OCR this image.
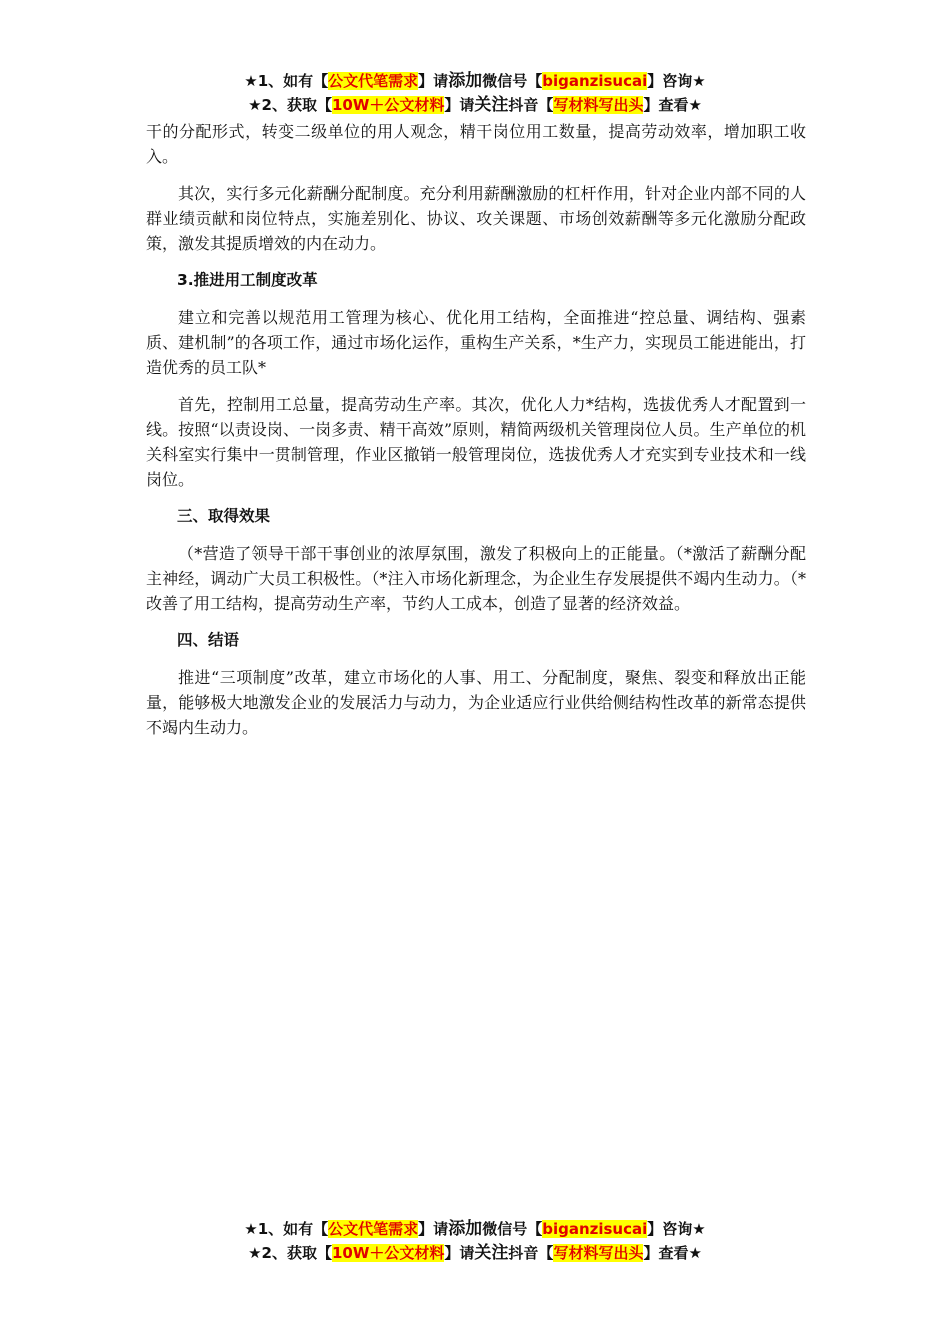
★1、如有【公文代笔需求】请添加微信号【biganzisucai】咨询★
★2、获取【10W＋公文材料】请关注抖音【写材料写出头】查看★

干的分配形式，转变二级单位的用人观念，精干岗位用工数量，提高劳动效率，增加职工收入。

其次，实行多元化薪酬分配制度。充分利用薪酬激励的杠杆作用，针对企业内部不同的人群业绩贡献和岗位特点，实施差别化、协议、攻关课题、市场创效薪酬等多元化激励分配政策，激发其提质增效的内在动力。

3.推进用工制度改革

建立和完善以规范用工管理为核心、优化用工结构，全面推进“控总量、调结构、强素质、建机制”的各项工作，通过市场化运作，重构生产关系，*生产力，实现员工能进能出，打造优秀的员工队*

首先，控制用工总量，提高劳动生产率。其次，优化人力*结构，选拔优秀人才配置到一线。按照“以责设岗、一岗多责、精干高效”原则，精简两级机关管理岗位人员。生产单位的机关科室实行集中一贯制管理，作业区撤销一般管理岗位，选拔优秀人才充实到专业技术和一线岗位。

三、取得效果

（*营造了领导干部干事创业的浓厚氛围，激发了积极向上的正能量。（*激活了薪酬分配主神经，调动广大员工积极性。（*注入市场化新理念，为企业生存发展提供不竭内生动力。（*改善了用工结构，提高劳动生产率，节约人工成本，创造了显著的经济效益。

四、结语

推进“三项制度”改革，建立市场化的人事、用工、分配制度，聚焦、裂变和释放出正能量，能够极大地激发企业的发展活力与动力，为企业适应行业供给侧结构性改革的新常态提供不竭内生动力。

★1、如有【公文代笔需求】请添加微信号【biganzisucai】咨询★
★2、获取【10W＋公文材料】请关注抖音【写材料写出头】查看★
